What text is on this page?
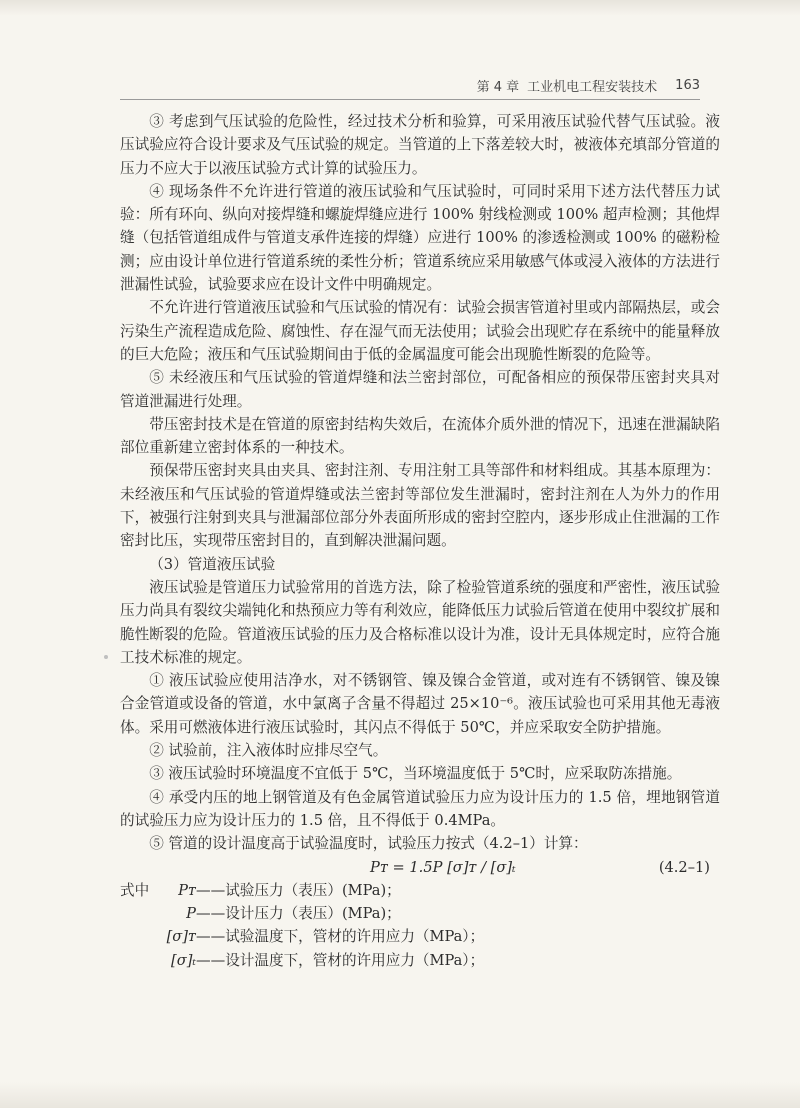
第 4 章 工业机电工程安装技术 163

③ 考虑到气压试验的危险性，经过技术分析和验算，可采用液压试验代替气压试验。液压试验应符合设计要求及气压试验的规定。当管道的上下落差较大时，被液体充填部分管道的压力不应大于以液压试验方式计算的试验压力。

④ 现场条件不允许进行管道的液压试验和气压试验时，可同时采用下述方法代替压力试验：所有环向、纵向对接焊缝和螺旋焊缝应进行 100% 射线检测或 100% 超声检测；其他焊缝（包括管道组成件与管道支承件连接的焊缝）应进行 100% 的渗透检测或 100% 的磁粉检测；应由设计单位进行管道系统的柔性分析；管道系统应采用敏感气体或浸入液体的方法进行泄漏性试验，试验要求应在设计文件中明确规定。

不允许进行管道液压试验和气压试验的情况有：试验会损害管道衬里或内部隔热层，或会污染生产流程造成危险、腐蚀性、存在湿气而无法使用；试验会出现贮存在系统中的能量释放的巨大危险；液压和气压试验期间由于低的金属温度可能会出现脆性断裂的危险等。

⑤ 未经液压和气压试验的管道焊缝和法兰密封部位，可配备相应的预保带压密封夹具对管道泄漏进行处理。

带压密封技术是在管道的原密封结构失效后，在流体介质外泄的情况下，迅速在泄漏缺陷部位重新建立密封体系的一种技术。

预保带压密封夹具由夹具、密封注剂、专用注射工具等部件和材料组成。其基本原理为：未经液压和气压试验的管道焊缝或法兰密封等部位发生泄漏时，密封注剂在人为外力的作用下，被强行注射到夹具与泄漏部位部分外表面所形成的密封空腔内，逐步形成止住泄漏的工作密封比压，实现带压密封目的，直到解决泄漏问题。

（3）管道液压试验

液压试验是管道压力试验常用的首选方法，除了检验管道系统的强度和严密性，液压试验压力尚具有裂纹尖端钝化和热预应力等有利效应，能降低压力试验后管道在使用中裂纹扩展和脆性断裂的危险。管道液压试验的压力及合格标准以设计为准，设计无具体规定时，应符合施工技术标准的规定。

① 液压试验应使用洁净水，对不锈钢管、镍及镍合金管道，或对连有不锈钢管、镍及镍合金管道或设备的管道，水中氯离子含量不得超过 25×10⁻⁶。液压试验也可采用其他无毒液体。采用可燃液体进行液压试验时，其闪点不得低于 50℃，并应采取安全防护措施。

② 试验前，注入液体时应排尽空气。

③ 液压试验时环境温度不宜低于 5℃，当环境温度低于 5℃时，应采取防冻措施。

④ 承受内压的地上钢管道及有色金属管道试验压力应为设计压力的 1.5 倍，埋地钢管道的试验压力应为设计压力的 1.5 倍，且不得低于 0.4MPa。

⑤ 管道的设计温度高于试验温度时，试验压力按式（4.2–1）计算：

Pᴛ = 1.5P [σ]ᴛ / [σ]ₜ	(4.2–1)
式中	Pᴛ ——试验压力（表压）(MPa)；
P ——设计压力（表压）(MPa)；
[σ]ᴛ ——试验温度下，管材的许用应力（MPa）；
[σ]ₜ ——设计温度下，管材的许用应力（MPa）；
